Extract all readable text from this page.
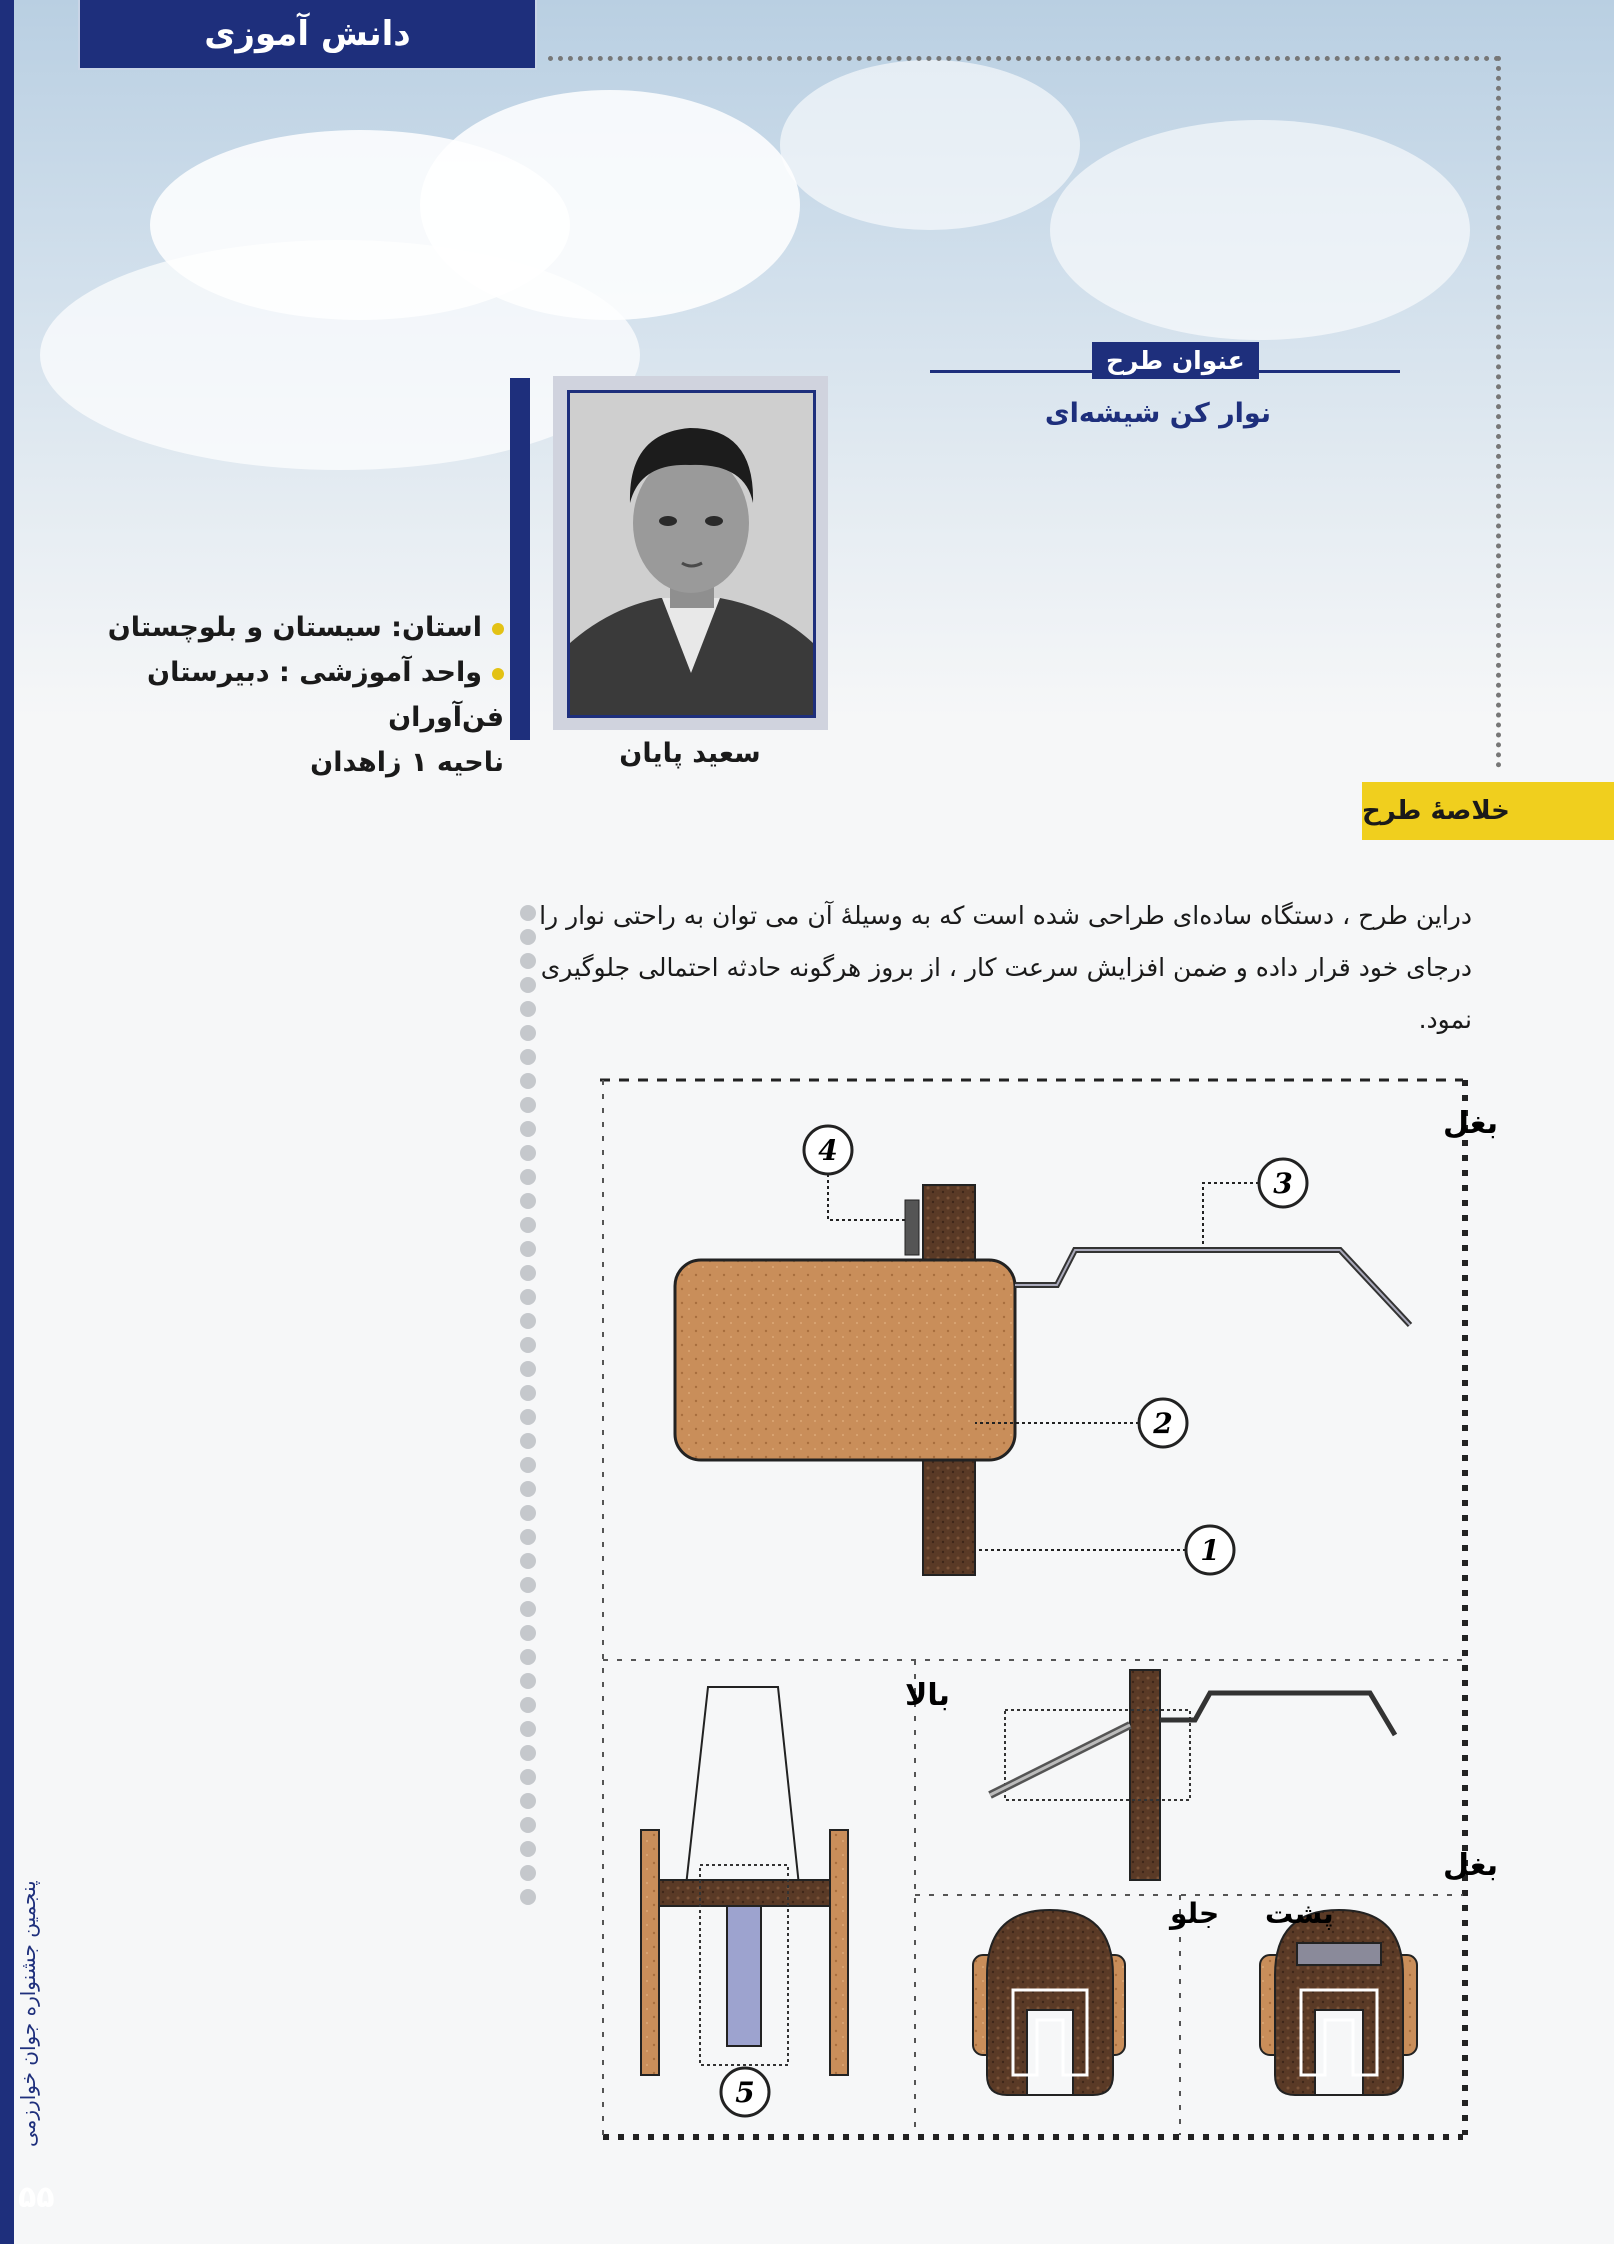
دانش آموزی
عنوان طرح
نوار کن شیشه‌ای
سعید پایان
استان: سیستان و بلوچستان
واحد آموزشی : دبیرستان فن‌آوران
ناحیه ۱ زاهدان
خلاصهٔ طرح
دراین طرح ، دستگاه ساده‌ای طراحی شده است که به وسیلهٔ آن می توان به راحتی نوار را درجای خود قرار داده و ضمن افزایش سرعت کار ، از بروز هرگونه حادثه احتمالی جلوگیری نمود.
4
3
2
1
بغل
5
بالا
بغل
جلو پشت
پنجمین جشنواره جوان خوارزمی
۵۵
